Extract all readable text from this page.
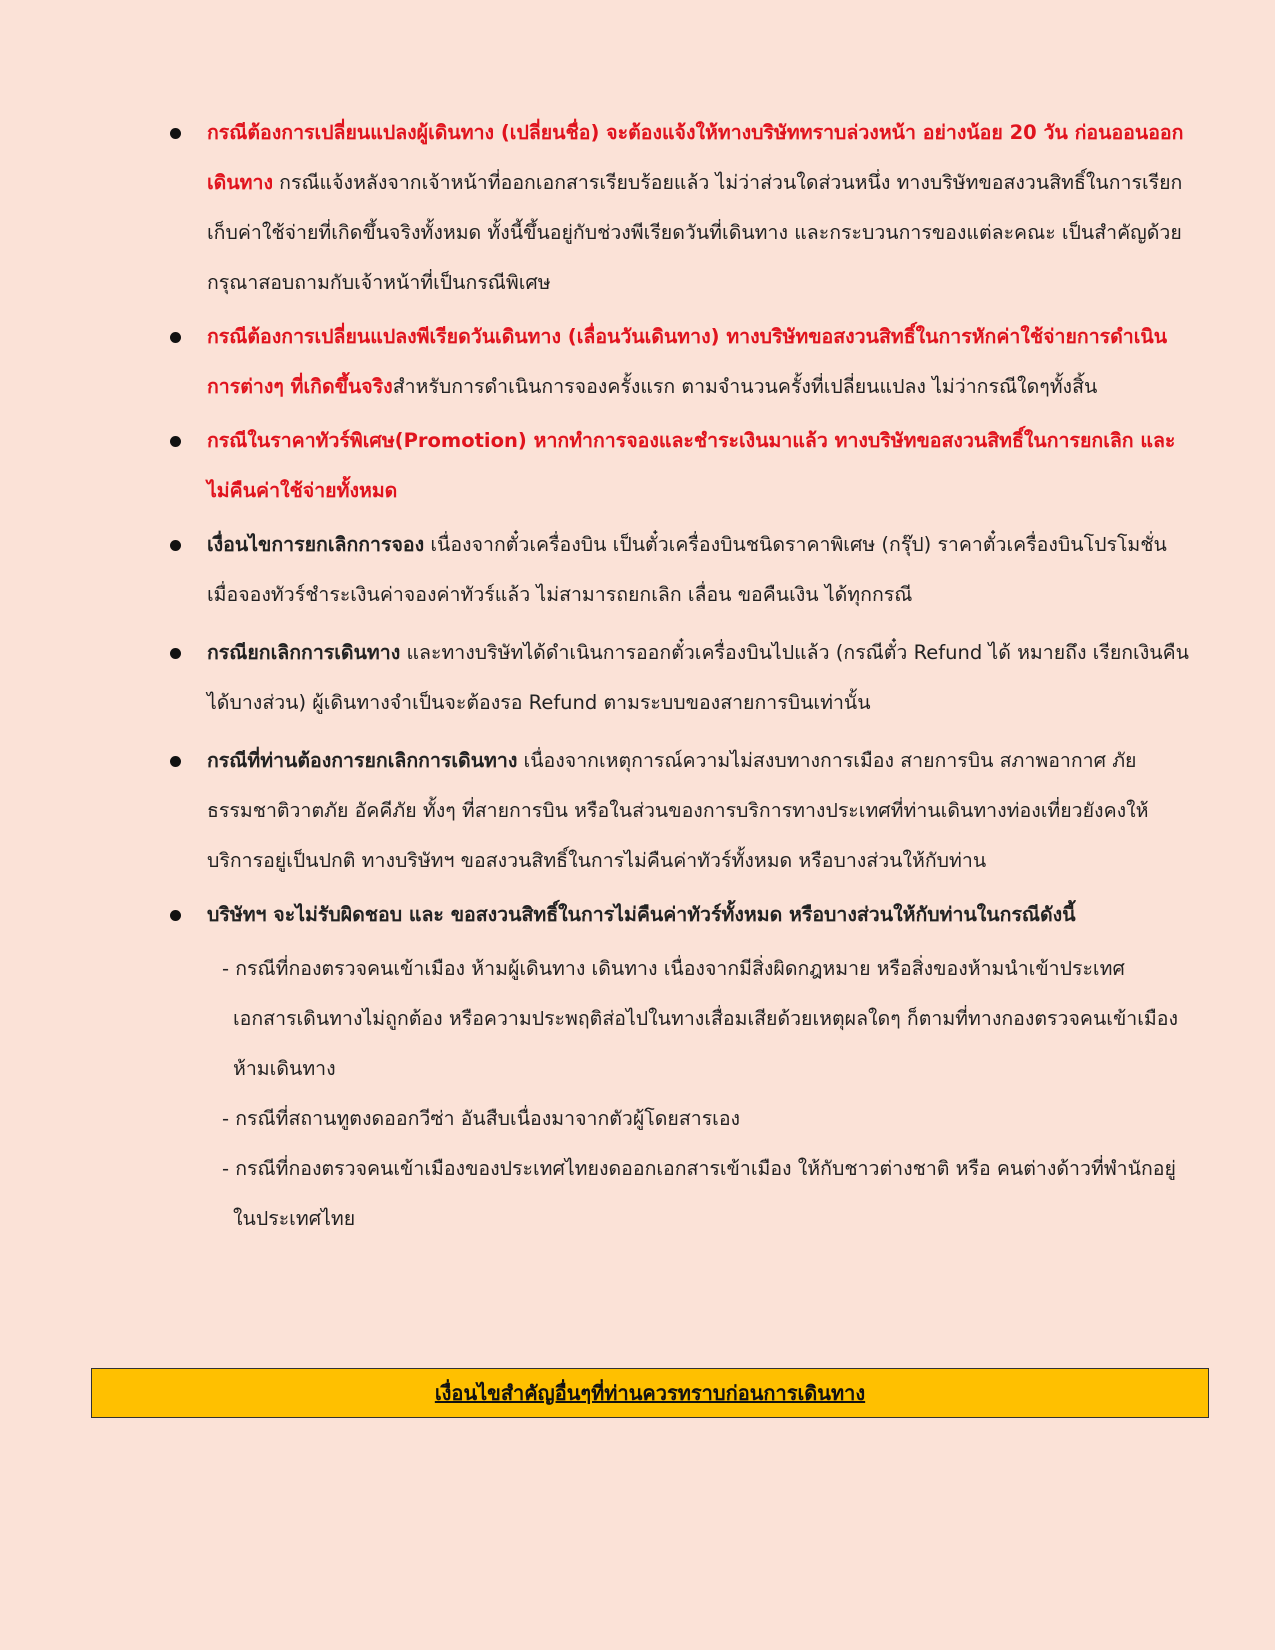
กรณีต้องการเปลี่ยนแปลงผู้เดินทาง (เปลี่ยนชื่อ) จะต้องแจ้งให้ทางบริษัททราบล่วงหน้า อย่างน้อย 20 วัน ก่อนออนออกเดินทาง กรณีแจ้งหลังจากเจ้าหน้าที่ออกเอกสารเรียบร้อยแล้ว ไม่ว่าส่วนใดส่วนหนึ่ง ทางบริษัทขอสงวนสิทธิ์ในการเรียกเก็บค่าใช้จ่ายที่เกิดขึ้นจริงทั้งหมด ทั้งนี้ขึ้นอยู่กับช่วงพีเรียดวันที่เดินทาง และกระบวนการของแต่ละคณะ เป็นสำคัญด้วย กรุณาสอบถามกับเจ้าหน้าที่เป็นกรณีพิเศษ
กรณีต้องการเปลี่ยนแปลงพีเรียดวันเดินทาง (เลื่อนวันเดินทาง) ทางบริษัทขอสงวนสิทธิ์ในการหักค่าใช้จ่ายการดำเนินการต่างๆ ที่เกิดขึ้นจริงสำหรับการดำเนินการจองครั้งแรก ตามจำนวนครั้งที่เปลี่ยนแปลง ไม่ว่ากรณีใดๆทั้งสิ้น
กรณีในราคาทัวร์พิเศษ(Promotion) หากทำการจองและชำระเงินมาแล้ว ทางบริษัทขอสงวนสิทธิ์ในการยกเลิก และไม่คืนค่าใช้จ่ายทั้งหมด
เงื่อนไขการยกเลิกการจอง เนื่องจากตั๋วเครื่องบิน เป็นตั๋วเครื่องบินชนิดราคาพิเศษ (กรุ๊ป) ราคาตั๋วเครื่องบินโปรโมชั่น เมื่อจองทัวร์ชำระเงินค่าจองค่าทัวร์แล้ว ไม่สามารถยกเลิก เลื่อน ขอคืนเงิน ได้ทุกกรณี
กรณียกเลิกการเดินทาง และทางบริษัทได้ดำเนินการออกตั๋วเครื่องบินไปแล้ว (กรณีตั๋ว Refund ได้ หมายถึง เรียกเงินคืนได้บางส่วน) ผู้เดินทางจำเป็นจะต้องรอ Refund ตามระบบของสายการบินเท่านั้น
กรณีที่ท่านต้องการยกเลิกการเดินทาง เนื่องจากเหตุการณ์ความไม่สงบทางการเมือง สายการบิน สภาพอากาศ ภัยธรรมชาติวาตภัย อัคคีภัย ทั้งๆ ที่สายการบิน หรือในส่วนของการบริการทางประเทศที่ท่านเดินทางท่องเที่ยวยังคงให้บริการอยู่เป็นปกติ ทางบริษัทฯ ขอสงวนสิทธิ์ในการไม่คืนค่าทัวร์ทั้งหมด หรือบางส่วนให้กับท่าน
บริษัทฯ จะไม่รับผิดชอบ และ ขอสงวนสิทธิ์ในการไม่คืนค่าทัวร์ทั้งหมด หรือบางส่วนให้กับท่านในกรณีดังนี้
- กรณีที่กองตรวจคนเข้าเมือง ห้ามผู้เดินทาง เดินทาง เนื่องจากมีสิ่งผิดกฎหมาย หรือสิ่งของห้ามนำเข้าประเทศ เอกสารเดินทางไม่ถูกต้อง หรือความประพฤติส่อไปในทางเสื่อมเสียด้วยเหตุผลใดๆ ก็ตามที่ทางกองตรวจคนเข้าเมืองห้ามเดินทาง
- กรณีที่สถานทูตงดออกวีซ่า อันสืบเนื่องมาจากตัวผู้โดยสารเอง
- กรณีที่กองตรวจคนเข้าเมืองของประเทศไทยงดออกเอกสารเข้าเมือง ให้กับชาวต่างชาติ หรือ คนต่างด้าวที่พำนักอยู่ในประเทศไทย
เงื่อนไขสำคัญอื่นๆที่ท่านควรทราบก่อนการเดินทาง
